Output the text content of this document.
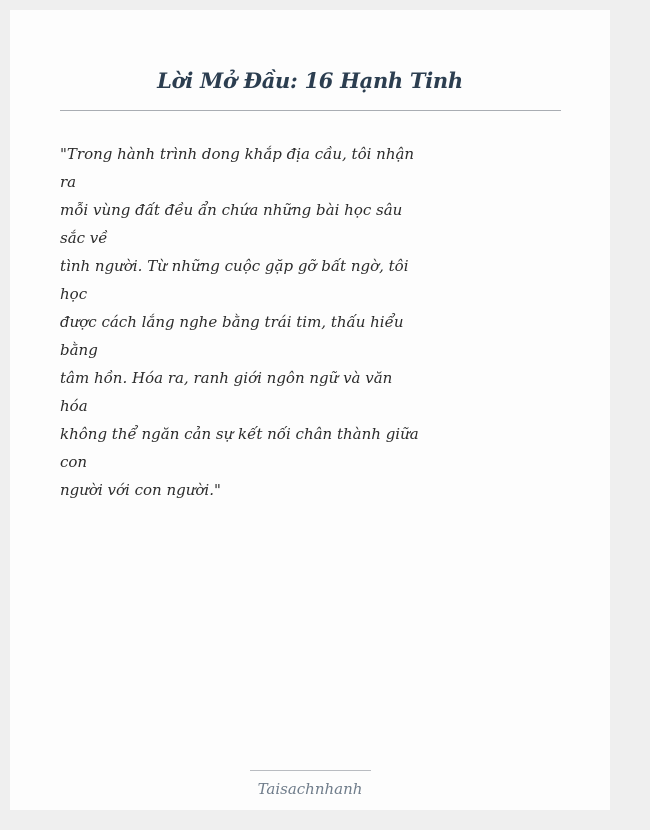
Lời Mở Đầu: 16 Hạnh Tinh

"Trong hành trình dong khắp địa cầu, tôi nhận
ra
mỗi vùng đất đều ẩn chứa những bài học sâu
sắc về
tình người. Từ những cuộc gặp gỡ bất ngờ, tôi
học
được cách lắng nghe bằng trái tim, thấu hiểu
bằng
tâm hồn. Hóa ra, ranh giới ngôn ngữ và văn
hóa
không thể ngăn cản sự kết nối chân thành giữa
con
người với con người."

Taisachnhanh
